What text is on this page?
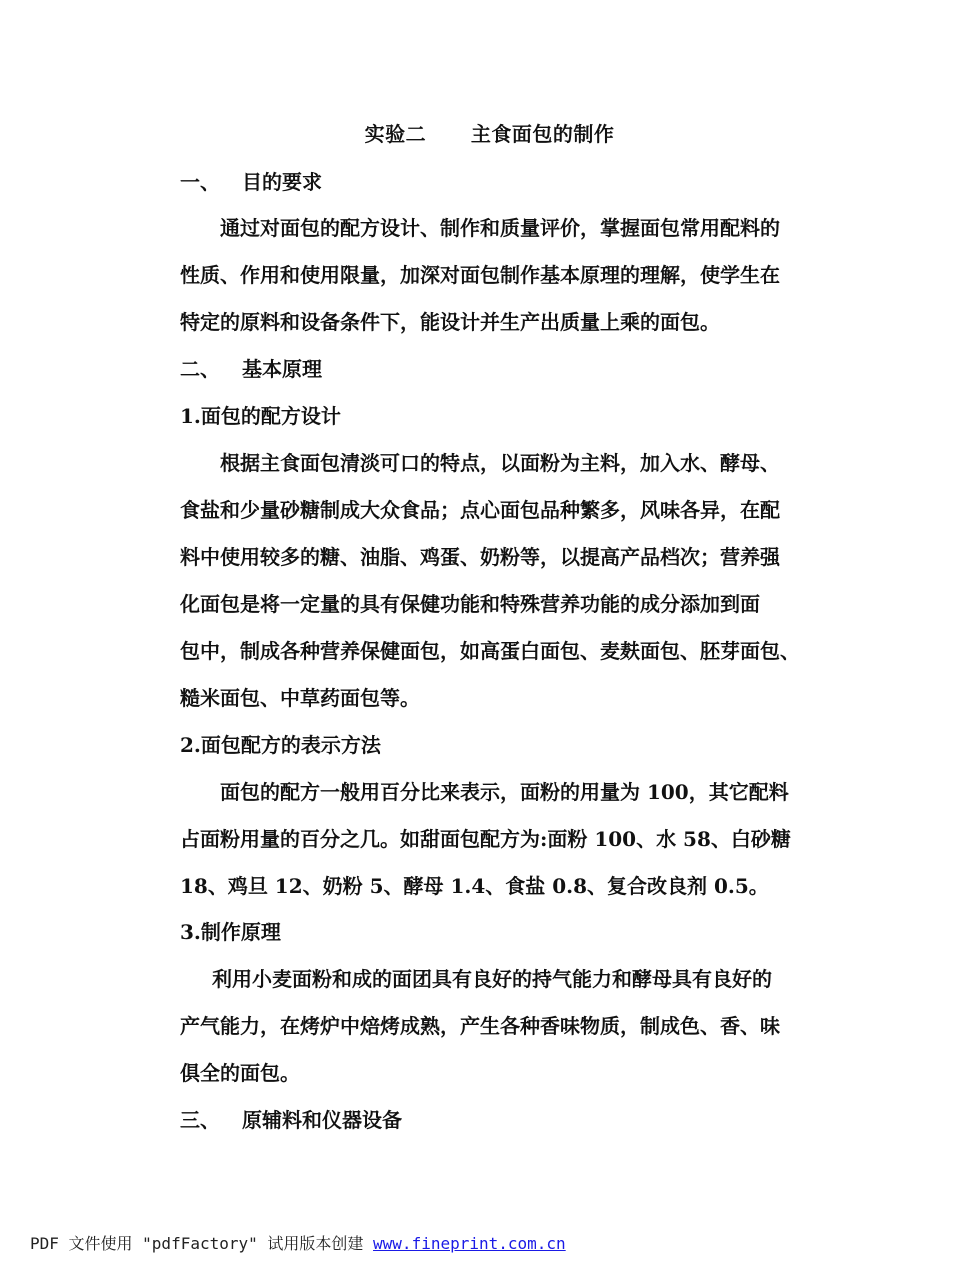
实验二      主食面包的制作
一、 目的要求
通过对面包的配方设计、制作和质量评价，掌握面包常用配料的
性质、作用和使用限量，加深对面包制作基本原理的理解，使学生在
特定的原料和设备条件下，能设计并生产出质量上乘的面包。
二、 基本原理
1.面包的配方设计
根据主食面包清淡可口的特点，以面粉为主料，加入水、酵母、
食盐和少量砂糖制成大众食品；点心面包品种繁多，风味各异，在配
料中使用较多的糖、油脂、鸡蛋、奶粉等，以提高产品档次；营养强
化面包是将一定量的具有保健功能和特殊营养功能的成分添加到面
包中，制成各种营养保健面包，如高蛋白面包、麦麸面包、胚芽面包、
糙米面包、中草药面包等。
2.面包配方的表示方法
面包的配方一般用百分比来表示，面粉的用量为 100，其它配料
占面粉用量的百分之几。如甜面包配方为:面粉 100、水 58、白砂糖
18、鸡旦 12、奶粉 5、酵母 1.4、食盐 0.8、复合改良剂 0.5。
3.制作原理
利用小麦面粉和成的面团具有良好的持气能力和酵母具有良好的
产气能力，在烤炉中焙烤成熟，产生各种香味物质，制成色、香、味
俱全的面包。
三、 原辅料和仪器设备
PDF 文件使用 "pdfFactory" 试用版本创建 www.fineprint.com.cn
